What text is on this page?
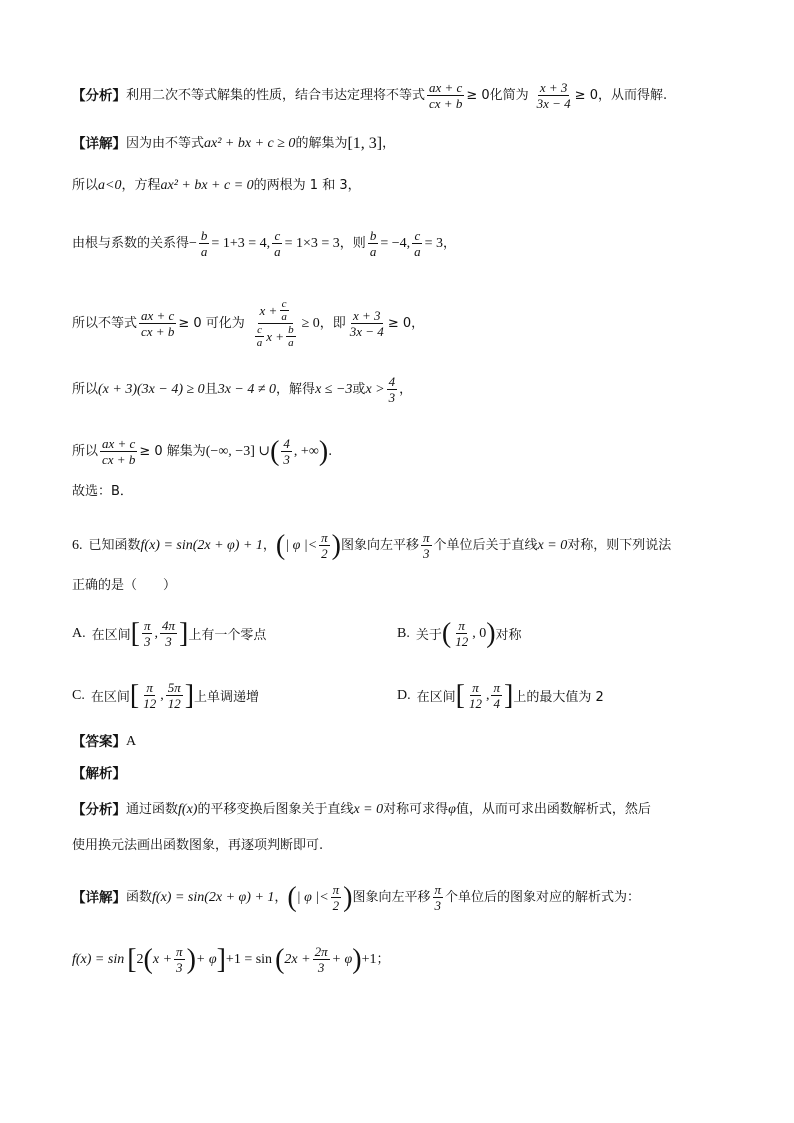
【分析】 利用二次不等式解集的性质，结合韦达定理将不等式 $\frac{ax + c}{cx + b} \ge 0$化简为 $\frac{x + 3}{3x - 4} \ge 0$，从而得解.
【详解】 因为由不等式 ax² + bx + c ≥ 0 的解集为 [1, 3] ，
所以 a<0 ，方程 ax² + bx + c = 0 的两根为 1 和 3，
由根与系数的关系得 − $\frac{b}{a} = 1+3 = 4$, $\frac{c}{a} = 1\times 3 = 3$ ，则 $\frac{b}{a} = -4$, $\frac{c}{a} = 3$ ，
所以不等式 $\frac{ax + c}{cx + b} \ge 0$ 可化为 $\frac{x + \frac{c}{a}}{\frac{c}{a} x + \frac{b}{a}} \ge 0$ ，即 $\frac{x + 3}{3x - 4} \ge 0$，
所以 (x + 3)(3x − 4) ≥ 0 且 3x − 4 ≠ 0 ，解得 x ≤ −3 或 $x > \frac{4}{3}$ ，
所以 $\frac{ax + c}{cx + b} \ge 0$ 解集为 (−∞, −3] ∪ ( $\frac{4}{3}$ , +∞ ) .
故选：B．
6. 已知函数 f(x) = sin(2x + φ) + 1 ， ( | φ |< $\frac{\pi}{2}$ ) 图象向左平移 $\frac{\pi}{3}$ 个单位后关于直线 x = 0 对称，则下列说法
正确的是（　　）
A. 在区间 [ $\frac{\pi}{3}$ , $\frac{4\pi}{3}$ ] 上有一个零点	B. 关于 ( $\frac{\pi}{12}$ , 0 ) 对称
C. 在区间 [ $\frac{\pi}{12}$ , $\frac{5\pi}{12}$ ] 上单调递增	D. 在区间 [ $\frac{\pi}{12}$ , $\frac{\pi}{4}$ ] 上的最大值为 2
【答案】 A
【解析】
【分析】 通过函数 f(x) 的平移变换后图象关于直线 x = 0 对称可求得 φ 值，从而可求出函数解析式，然后
使用换元法画出函数图象，再逐项判断即可.
【详解】 函数 f(x) = sin(2x + φ) + 1 ， ( | φ |< $\frac{\pi}{2}$ ) 图象向左平移 $\frac{\pi}{3}$ 个单位后的图象对应的解析式为：
f(x) = sin [ 2 ( $x + \frac{\pi}{3}$ ) + φ ] +1 = sin ( $2x + \frac{2\pi}{3} + \varphi$ ) +1 ；
